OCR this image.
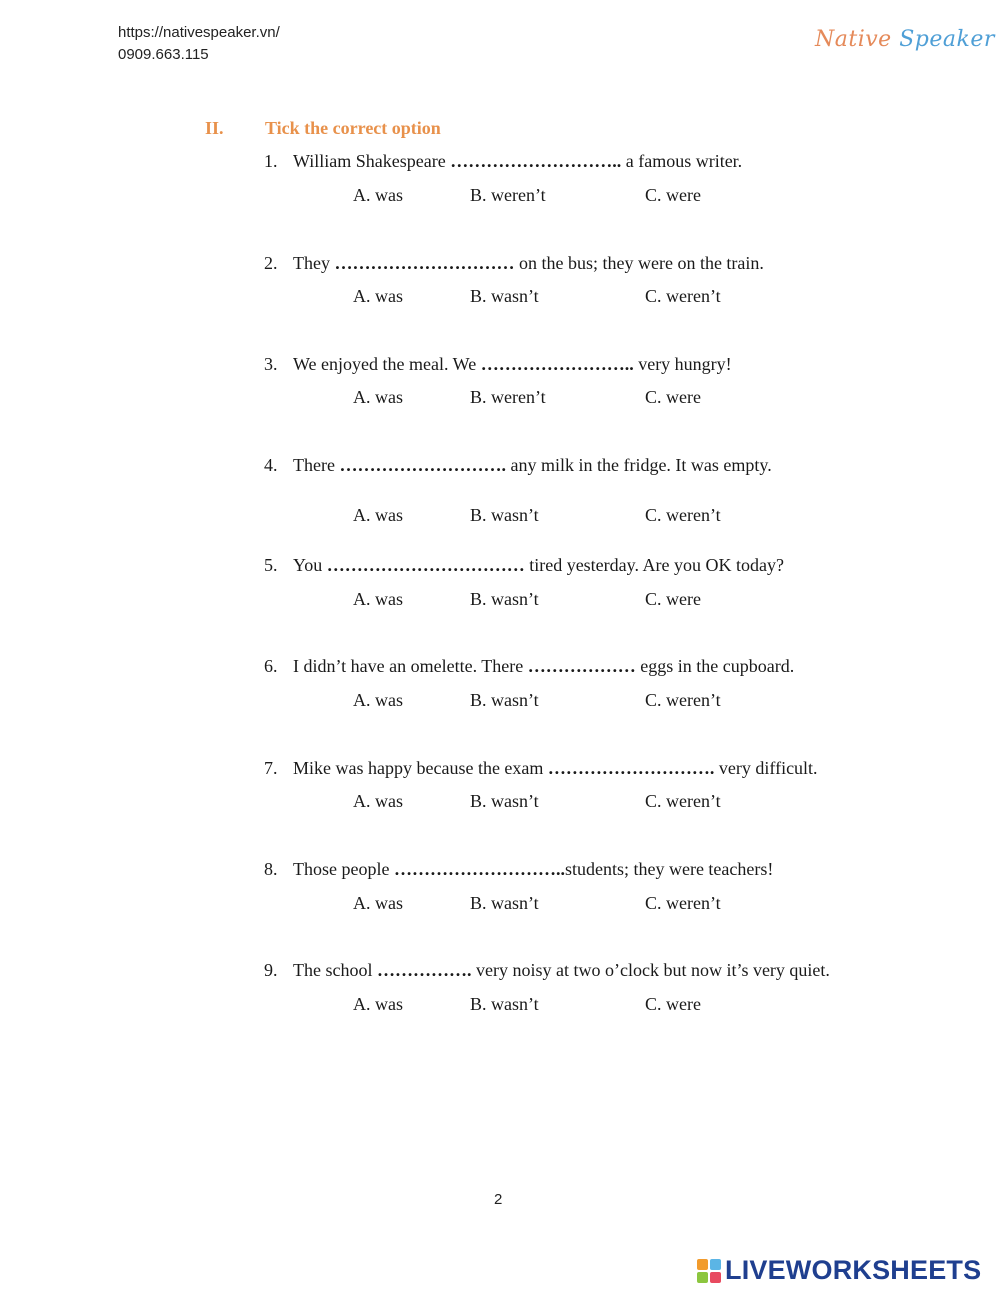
https://nativespeaker.vn/
0909.663.115
Native Speaker
II. Tick the correct option
1. William Shakespeare ……………………….. a famous writer.
A. was	B. weren’t	C. were
2. They ………………………… on the bus; they were on the train.
A. was	B. wasn’t	C. weren’t
3. We enjoyed the meal. We …………………….. very hungry!
A. was	B. weren’t	C. were
4. There ………………………. any milk in the fridge. It was empty.
A. was	B. wasn’t	C. weren’t
5. You …………………………… tired yesterday. Are you OK today?
A. was	B. wasn’t	C. were
6. I didn’t have an omelette. There ……………… eggs in the cupboard.
A. was	B. wasn’t	C. weren’t
7. Mike was happy because the exam ………………………. very difficult.
A. was	B. wasn’t	C. weren’t
8. Those people ………………………..students; they were teachers!
A. was	B. wasn’t	C. weren’t
9. The school ……………. very noisy at two o’clock but now it’s very quiet.
A. was	B. wasn’t	C. were
2
LIVEWORKSHEETS
